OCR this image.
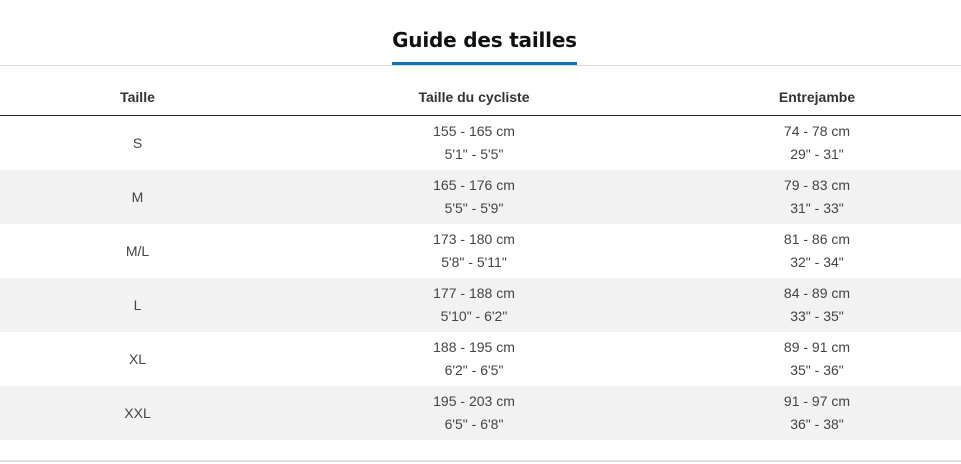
Guide des tailles
Taille	Taille du cycliste	Entrejambe
S
155 - 165 cm
5'1" - 5'5"
74 - 78 cm
29" - 31"
M
165 - 176 cm
5'5" - 5'9"
79 - 83 cm
31" - 33"
M/L
173 - 180 cm
5'8" - 5'11"
81 - 86 cm
32" - 34"
L
177 - 188 cm
5'10" - 6'2"
84 - 89 cm
33" - 35"
XL
188 - 195 cm
6'2" - 6'5"
89 - 91 cm
35" - 36"
XXL
195 - 203 cm
6'5" - 6'8"
91 - 97 cm
36" - 38"
